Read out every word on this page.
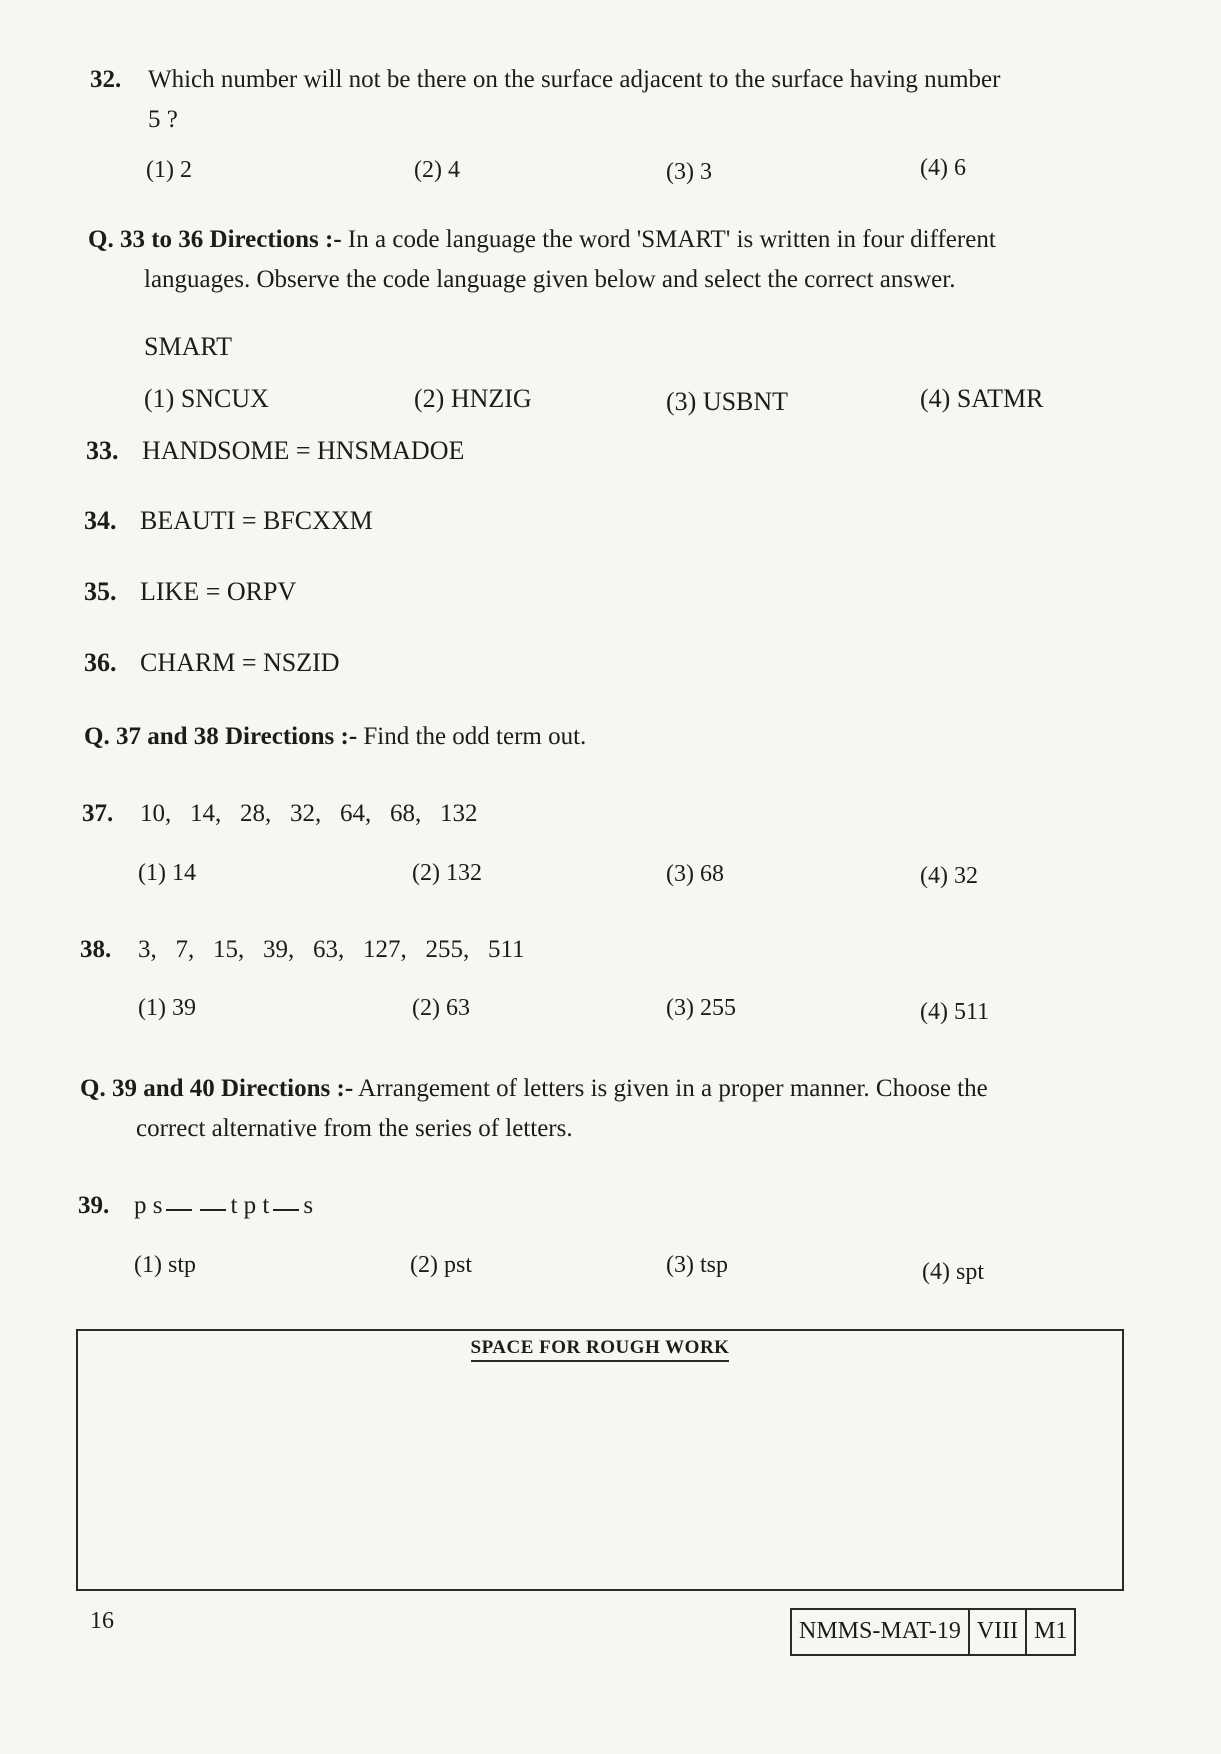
32. Which number will not be there on the surface adjacent to the surface having number
5 ?
(1) 2	(2) 4	(3) 3	(4) 6
Q. 33 to 36 Directions :- In a code language the word 'SMART' is written in four different
languages. Observe the code language given below and select the correct answer.
SMART
(1) SNCUX	(2) HNZIG	(3) USBNT	(4) SATMR
33. HANDSOME = HNSMADOE
34. BEAUTI = BFCXXM
35. LIKE = ORPV
36. CHARM = NSZID
Q. 37 and 38 Directions :- Find the odd term out.
37. 10,   14,   28,   32,   64,   68,   132
(1) 14	(2) 132	(3) 68	(4) 32
38. 3,   7,   15,   39,   63,   127,   255,   511
(1) 39	(2) 63	(3) 255	(4) 511
Q. 39 and 40 Directions :- Arrangement of letters is given in a proper manner. Choose the
correct alternative from the series of letters.
39. p s	t p t s
(1) stp	(2) pst	(3) tsp	(4) spt
SPACE FOR ROUGH WORK
16	NMMS-MAT-19 VIII M1
